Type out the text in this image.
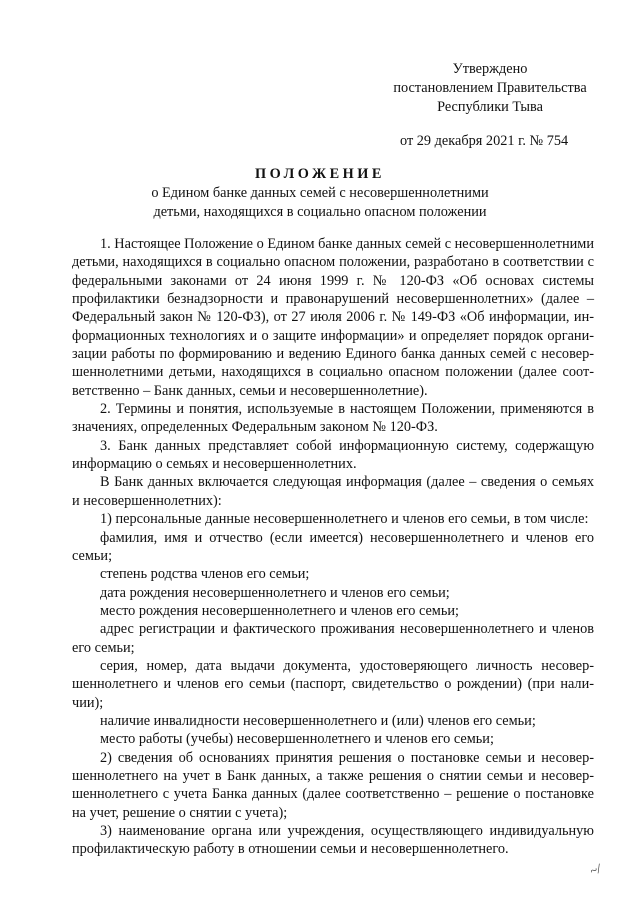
Утверждено
постановлением Правительства
Республики Тыва
от 29 декабря 2021 г. № 754
ПОЛОЖЕНИЕ
о Едином банке данных семей с несовершеннолетними
детьми, находящихся в социально опасном положении

1. Настоящее Положение о Едином банке данных семей с несовершеннолетними детьми, находящихся в социально опасном положении, разработано в соответствии с федеральными законами от 24 июня 1999 г. № 120-ФЗ «Об основах системы профилактики безнадзорности и правонарушений несовершеннолетних» (далее – Федеральный закон № 120-ФЗ), от 27 июля 2006 г. № 149-ФЗ «Об информации, информационных технологиях и о защите информации» и определяет порядок организации работы по формированию и ведению Единого банка данных семей с несовершеннолетними детьми, находящихся в социально опасном положении (далее соответственно – Банк данных, семьи и несовершеннолетние).

2. Термины и понятия, используемые в настоящем Положении, применяются в значениях, определенных Федеральным законом № 120-ФЗ.

3. Банк данных представляет собой информационную систему, содержащую информацию о семьях и несовершеннолетних.

В Банк данных включается следующая информация (далее – сведения о семьях и несовершеннолетних):

1) персональные данные несовершеннолетнего и членов его семьи, в том числе:

фамилия, имя и отчество (если имеется) несовершеннолетнего и членов его семьи;

степень родства членов его семьи;

дата рождения несовершеннолетнего и членов его семьи;

место рождения несовершеннолетнего и членов его семьи;

адрес регистрации и фактического проживания несовершеннолетнего и членов его семьи;

серия, номер, дата выдачи документа, удостоверяющего личность несовершеннолетнего и членов его семьи (паспорт, свидетельство о рождении) (при наличии);

наличие инвалидности несовершеннолетнего и (или) членов его семьи;

место работы (учебы) несовершеннолетнего и членов его семьи;

2) сведения об основаниях принятия решения о постановке семьи и несовершеннолетнего на учет в Банк данных, а также решения о снятии семьи и несовершеннолетнего с учета Банка данных (далее соответственно – решение о постановке на учет, решение о снятии с учета);

3) наименование органа или учреждения, осуществляющего индивидуальную профилактическую работу в отношении семьи и несовершеннолетнего.

~/
